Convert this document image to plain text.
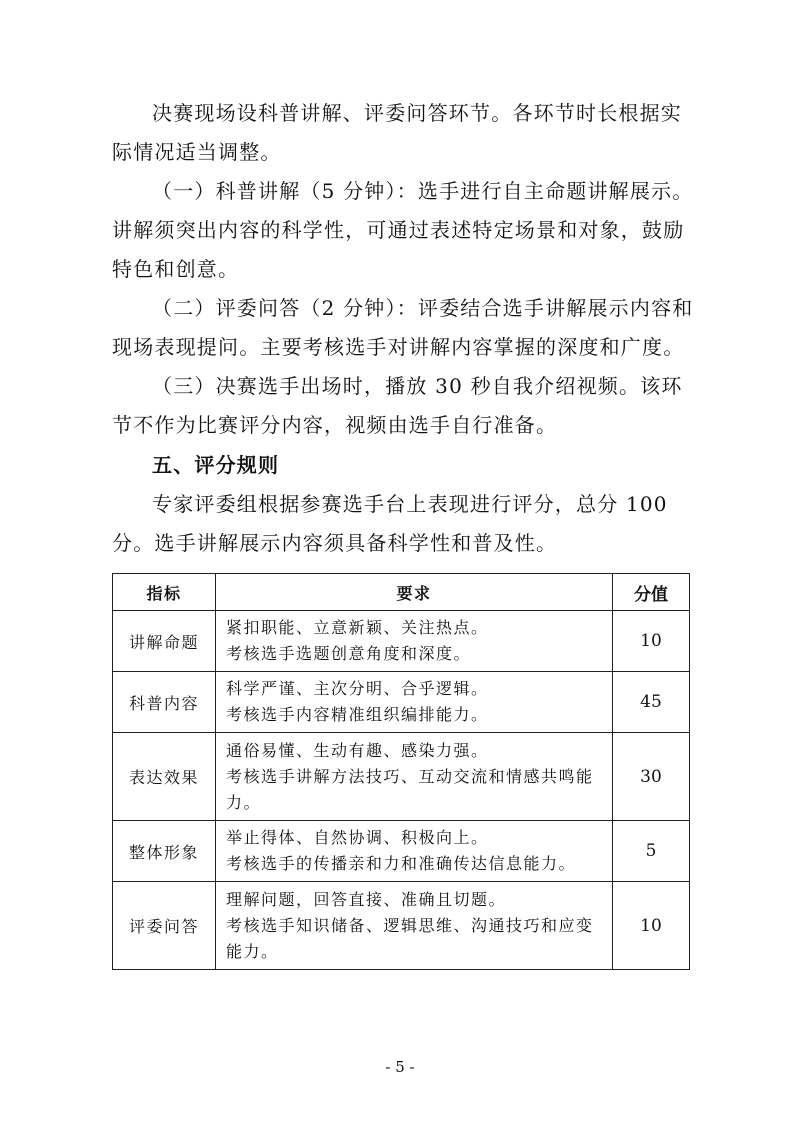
决赛现场设科普讲解、评委问答环节。各环节时长根据实际情况适当调整。

（一）科普讲解（5 分钟）：选手进行自主命题讲解展示。讲解须突出内容的科学性，可通过表述特定场景和对象，鼓励特色和创意。

（二）评委问答（2 分钟）：评委结合选手讲解展示内容和现场表现提问。主要考核选手对讲解内容掌握的深度和广度。

（三）决赛选手出场时，播放 30 秒自我介绍视频。该环节不作为比赛评分内容，视频由选手自行准备。

五、评分规则

专家评委组根据参赛选手台上表现进行评分，总分 100 分。选手讲解展示内容须具备科学性和普及性。

指标	要求	分值
讲解命题	紧扣职能、立意新颖、关注热点。
考核选手选题创意角度和深度。	10
科普内容	科学严谨、主次分明、合乎逻辑。
考核选手内容精准组织编排能力。	45
表达效果	通俗易懂、生动有趣、感染力强。
考核选手讲解方法技巧、互动交流和情感共鸣能力。	30
整体形象	举止得体、自然协调、积极向上。
考核选手的传播亲和力和准确传达信息能力。	5
评委问答	理解问题，回答直接、准确且切题。
考核选手知识储备、逻辑思维、沟通技巧和应变能力。	10
- 5 -
